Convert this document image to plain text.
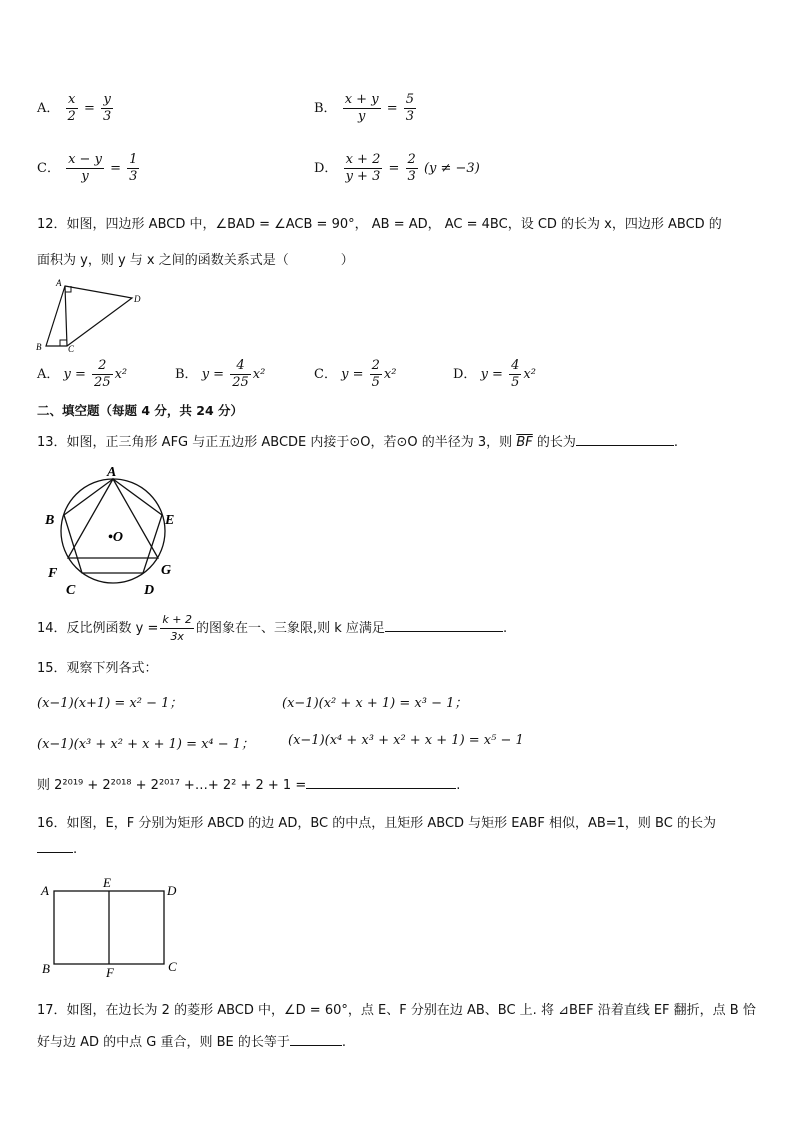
A． $\frac{x}{2} = \frac{y}{3}$	B． $\frac{x + y}{y} = \frac{5}{3}$
C． $\frac{x - y}{y} = \frac{1}{3}$	D． $\frac{x + 2}{y + 3} = \frac{2}{3} (y \ne -3)$
12．如图，四边形 ABCD 中，∠BAD = ∠ACB = 90°， AB = AD， AC = 4BC，设 CD 的长为 x，四边形 ABCD 的
面积为 y，则 y 与 x 之间的函数关系式是（　　　　）
A
D
B	C
A． $y = \frac{2}{25} x^2$	B． $y = \frac{4}{25} x^2$	C． $y = \frac{2}{5} x^2$	D． $y = \frac{4}{5} x^2$
二、填空题（每题 4 分，共 24 分）
13．如图，正三角形 AFG 与正五边形 ABCDE 内接于⊙O，若⊙O 的半径为 3，则 $\overline{BF}$ 的长为	.
A
B	E
F	G
C	D
•O
14．反比例函数 $y = \frac{k + 2}{3x}$ 的图象在一、三象限,则 k 应满足	.
15．观察下列各式：
(x−1)(x+1) = x² − 1；	(x−1)(x² + x + 1) = x³ − 1；
(x−1)(x³ + x² + x + 1) = x⁴ − 1；	(x−1)(x⁴ + x³ + x² + x + 1) = x⁵ − 1
则 2²⁰¹⁹ + 2²⁰¹⁸ + 2²⁰¹⁷ +…+ 2² + 2 + 1 =	.
16．如图，E，F 分别为矩形 ABCD 的边 AD，BC 的中点，且矩形 ABCD 与矩形 EABF 相似，AB=1，则 BC 的长为
.
A
E
D
B	F	C
17．如图，在边长为 2 的菱形 ABCD 中，∠D = 60°，点 E、F 分别在边 AB、BC 上. 将 ⊿BEF 沿着直线 EF 翻折，点 B 恰
好与边 AD 的中点 G 重合，则 BE 的长等于	.
